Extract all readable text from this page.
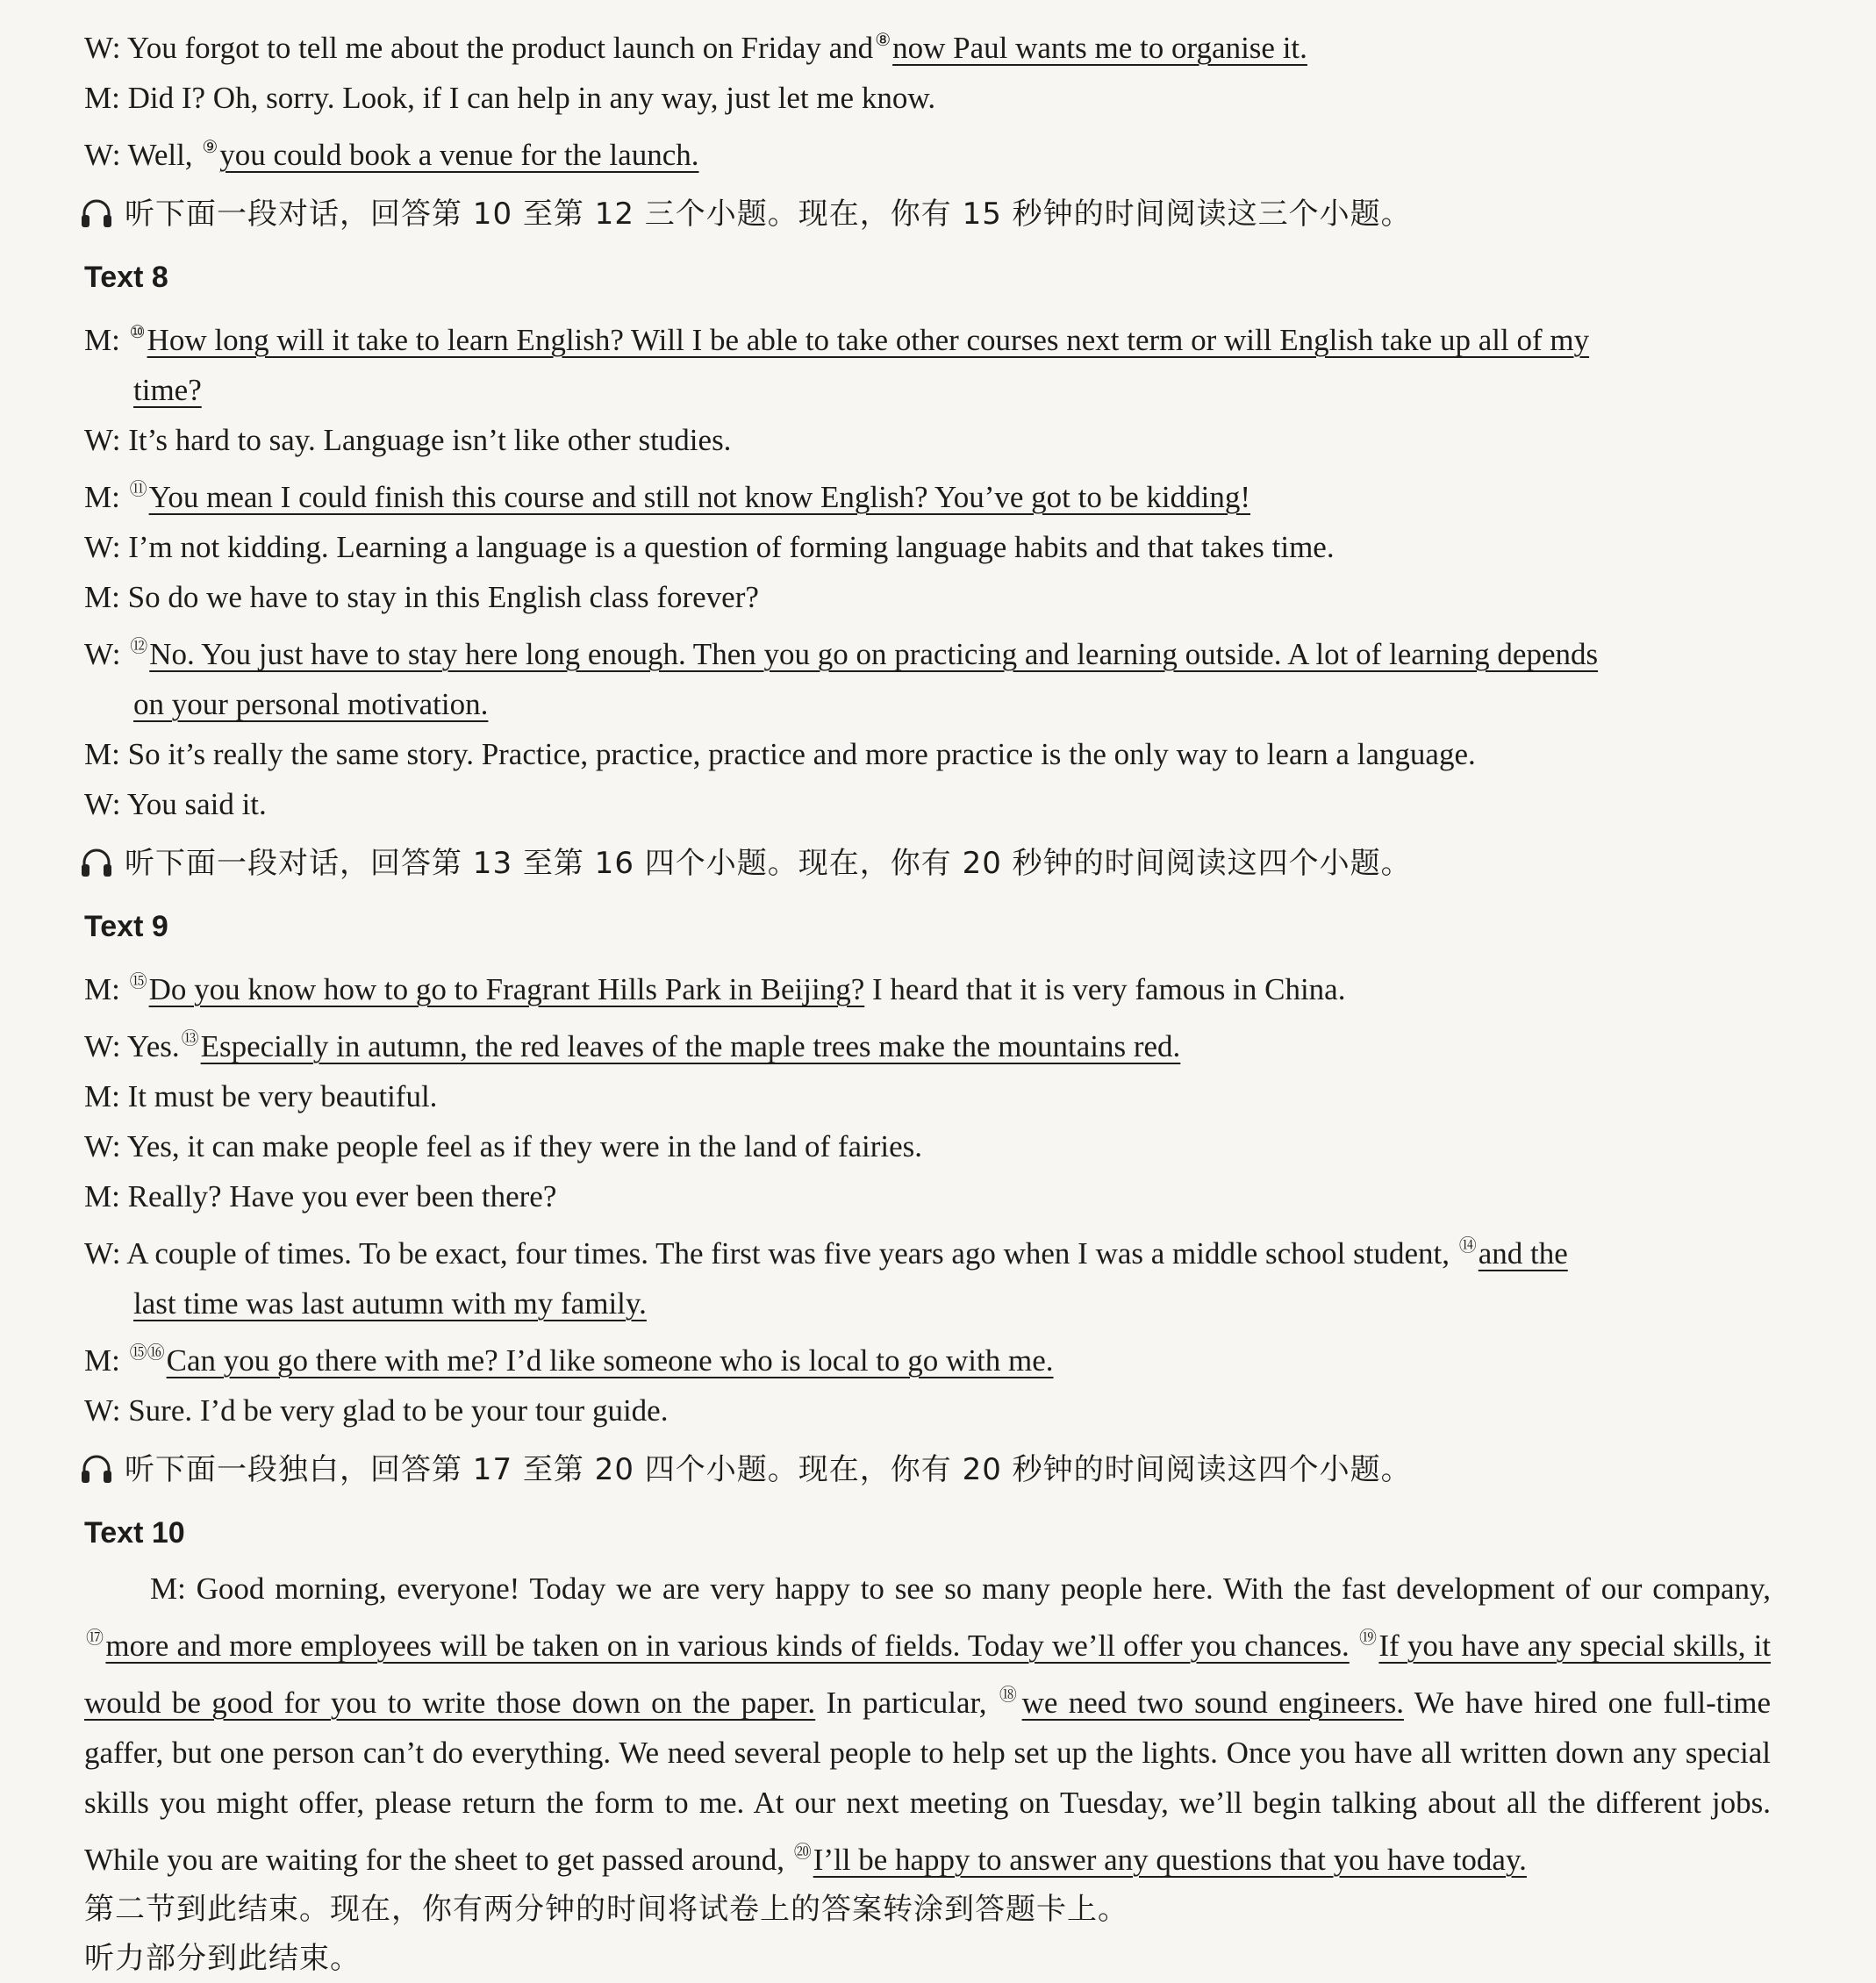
W: You forgot to tell me about the product launch on Friday and ⑧now Paul wants me to organise it.
M: Did I? Oh, sorry. Look, if I can help in any way, just let me know.
W: Well, ⑨you could book a venue for the launch.
听下面一段对话，回答第 10 至第 12 三个小题。现在，你有 15 秒钟的时间阅读这三个小题。
Text 8
M: ⑩How long will it take to learn English? Will I be able to take other courses next term or will English take up all of my
time?
W: It’s hard to say. Language isn’t like other studies.
M: ⑪You mean I could finish this course and still not know English? You’ve got to be kidding!
W: I’m not kidding. Learning a language is a question of forming language habits and that takes time.
M: So do we have to stay in this English class forever?
W: ⑫No. You just have to stay here long enough. Then you go on practicing and learning outside. A lot of learning depends
on your personal motivation.
M: So it’s really the same story. Practice, practice, practice and more practice is the only way to learn a language.
W: You said it.
听下面一段对话，回答第 13 至第 16 四个小题。现在，你有 20 秒钟的时间阅读这四个小题。
Text 9
M: ⑮Do you know how to go to Fragrant Hills Park in Beijing? I heard that it is very famous in China.
W: Yes. ⑬Especially in autumn, the red leaves of the maple trees make the mountains red.
M: It must be very beautiful.
W: Yes, it can make people feel as if they were in the land of fairies.
M: Really? Have you ever been there?
W: A couple of times. To be exact, four times. The first was five years ago when I was a middle school student, ⑭and the
last time was last autumn with my family.
M: ⑮⑯Can you go there with me? I’d like someone who is local to go with me.
W: Sure. I’d be very glad to be your tour guide.
听下面一段独白，回答第 17 至第 20 四个小题。现在，你有 20 秒钟的时间阅读这四个小题。
Text 10
M: Good morning, everyone! Today we are very happy to see so many people here. With the fast development of our company, ⑰more and more employees will be taken on in various kinds of fields. Today we’ll offer you chances. ⑲If you have any special skills, it would be good for you to write those down on the paper. In particular, ⑱we need two sound engineers. We have hired one full-time gaffer, but one person can’t do everything. We need several people to help set up the lights. Once you have all written down any special skills you might offer, please return the form to me. At our next meeting on Tuesday, we’ll begin talking about all the different jobs. While you are waiting for the sheet to get passed around, ⑳I’ll be happy to answer any questions that you have today.
第二节到此结束。现在，你有两分钟的时间将试卷上的答案转涂到答题卡上。
听力部分到此结束。
